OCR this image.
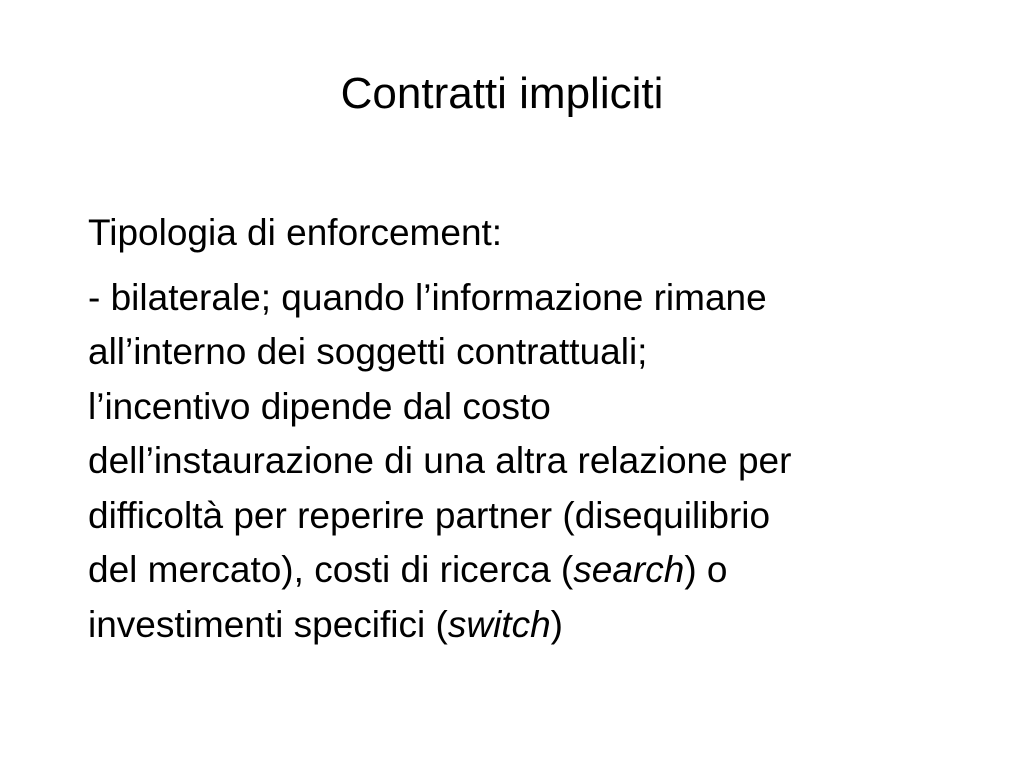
Contratti impliciti
Tipologia di enforcement:

- bilaterale; quando l’informazione rimane
all’interno dei soggetti contrattuali;
l’incentivo dipende dal costo
dell’instaurazione di una altra relazione per
difficoltà per reperire partner (disequilibrio
del mercato), costi di ricerca (search) o
investimenti specifici (switch)
